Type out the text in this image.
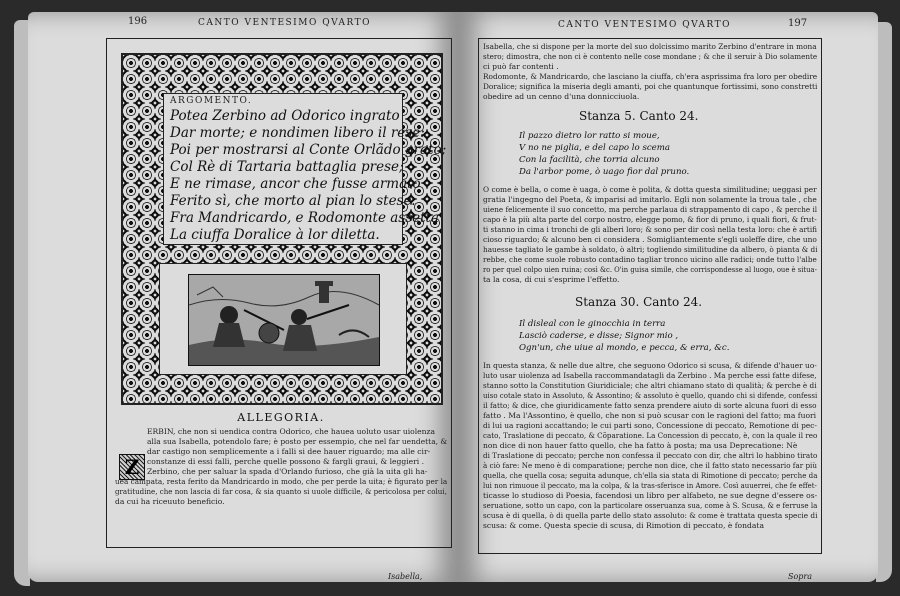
196	CANTO VENTESIMO QVARTO
ARGOMENTO.
Potea Zerbino ad Odorico ingrato
Dar morte; e nondimen libero il rese:
Poi per mostrarsi al Conte Orlãdo grato;
Col Rè di Tartaria battaglia prese;
E ne rimase, ancor che fusse armato
Ferito sì, che morto al pian lo stese:
Fra Mandricardo, e Rodomonte assetta
La ciuffa Doralice à lor diletta.
ALLEGORIA.
Z
ERBIN, che non si uendica contra Odorico, che hauea uoluto usar uiolenza
alla sua Isabella, potendolo fare; è posto per essempio, che nel far uendetta, &
dar castigo non semplicemente a i falli si dee hauer riguardo; ma alle cir-
constanze di essi falli, perche quelle possono & fargli graui, & leggieri .
Zerbino, che per saluar la spada d'Orlando furioso, che già la uita gli ha-
uea campata, resta ferito da Mandricardo in modo, che per perde la uita; è figurato per la
gratitudine, che non lascia di far cosa, & sia quanto si uuole difficile, & pericolosa per colui,
da cui ha riceuuto beneficio.
Isabella,
CANTO VENTESIMO QVARTO	197
Isabella, che si dispone per la morte del suo dolcissimo marito Zerbino d'entrare in mona
stero; dimostra, che non ci è contento nelle cose mondane ; & che il seruir à Dio solamente
ci può far contenti .
Rodomonte, & Mandricardo, che lasciano la ciuffa, ch'era asprissima fra loro per obedire
Doralice; significa la miseria degli amanti, poi che quantunque fortissimi, sono constretti
obedire ad un cenno d'una donnicciuola.
Stanza 5. Canto 24.
Il pazzo dietro lor ratto si moue,
V no ne piglia, e del capo lo scema
Con la facilità, che torria alcuno
Da l'arbor pome, ò uago fior dal pruno.
O come è bella, o come è uaga, ò come è polita, & dotta questa similitudine; ueggasi per
gratia l'ingegno del Poeta, & imparisi ad imitarlo. Egli non solamente la troua tale , che
uiene felicemente il suo concetto, ma perche parlaua di strappamento di capo , & perche il
capo è la più alta parte del corpo nostro, elegge pomo, & fior di pruno, i quali fiori, & frut-
ti stanno in cima i tronchi de gli alberi loro; & sono per dir così nella testa loro: che è artifi
cioso riguardo; & alcuno ben ci considera . Somigliantemente s'egli uoleffe dire, che uno
hauesse tagliato le gambe à soldato, ò altri; togliendo similitudine da albero, ò pianta & di
rebbe, che come suole robusto contadino tagliar tronco uicino alle radici; onde tutto l'albe
ro per quel colpo uien ruina; così &c. O'in guisa simile, che corrispondesse al luogo, oue è situa-
ta la cosa, di cui s'esprime l'effetto.
Stanza 30. Canto 24.
Il disleal con le ginocchia in terra
Lasciò caderse, e disse; Signor mio ,
Ogn'un, che uiue al mondo, e pecca, & erra, &c.
In questa stanza, & nelle due altre, che seguono Odorico si scusa, & difende d'hauer uo-
luto usar uiolenza ad Isabella raccommandatagli da Zerbino . Ma perche essi fatte difese,
stanno sotto la Constitution Giuridiciale; che altri chiamano stato di qualità; & perche è di
uiso cotale stato in Assoluto, & Assontino; & assoluto è quello, quando chi si difende, confessi
il fatto; & dice, che giuridicamente fatto senza prendere aiuto di sorte alcuna fuori di esso
fatto . Ma l'Assontino, è quello, che non si può scusar con le ragioni del fatto; ma fuori
di lui ua ragioni accattando; le cui parti sono, Concessione di peccato, Remotione di pec-
cato, Traslatione di peccato, & Cõparatione. La Concession di peccato, è, con la quale il reo
non dice di non hauer fatto quello, che ha fatto à posta; ma usa Deprecatione: Nè
di Traslatione di peccato; perche non confessa il peccato con dir, che altri lo habbino tirato
à ciò fare: Ne meno è di comparatione; perche non dice, che il fatto stato necessario far più
quella, che quella cosa; seguita adunque, ch'ella sia stata di Rimotione di peccato; perche da
lui non rimuoue il peccato, ma la colpa, & la tras-sferisce in Amore. Così auuerrei, che fe effet-
ticasse lo studioso di Poesia, facendosi un libro per alfabeto, ne sue degne d'essere os-
seruatione, sotto un capo, con la particolare osseruanza sua, come à S. Scusa, & e ferruse la
scusa è di quella, ò di quella parte dello stato assoluto: & come è trattata questa specie di
scusa: & come. Questa specie di scusa, di Rimotion di peccato, è fondata
Sopra
